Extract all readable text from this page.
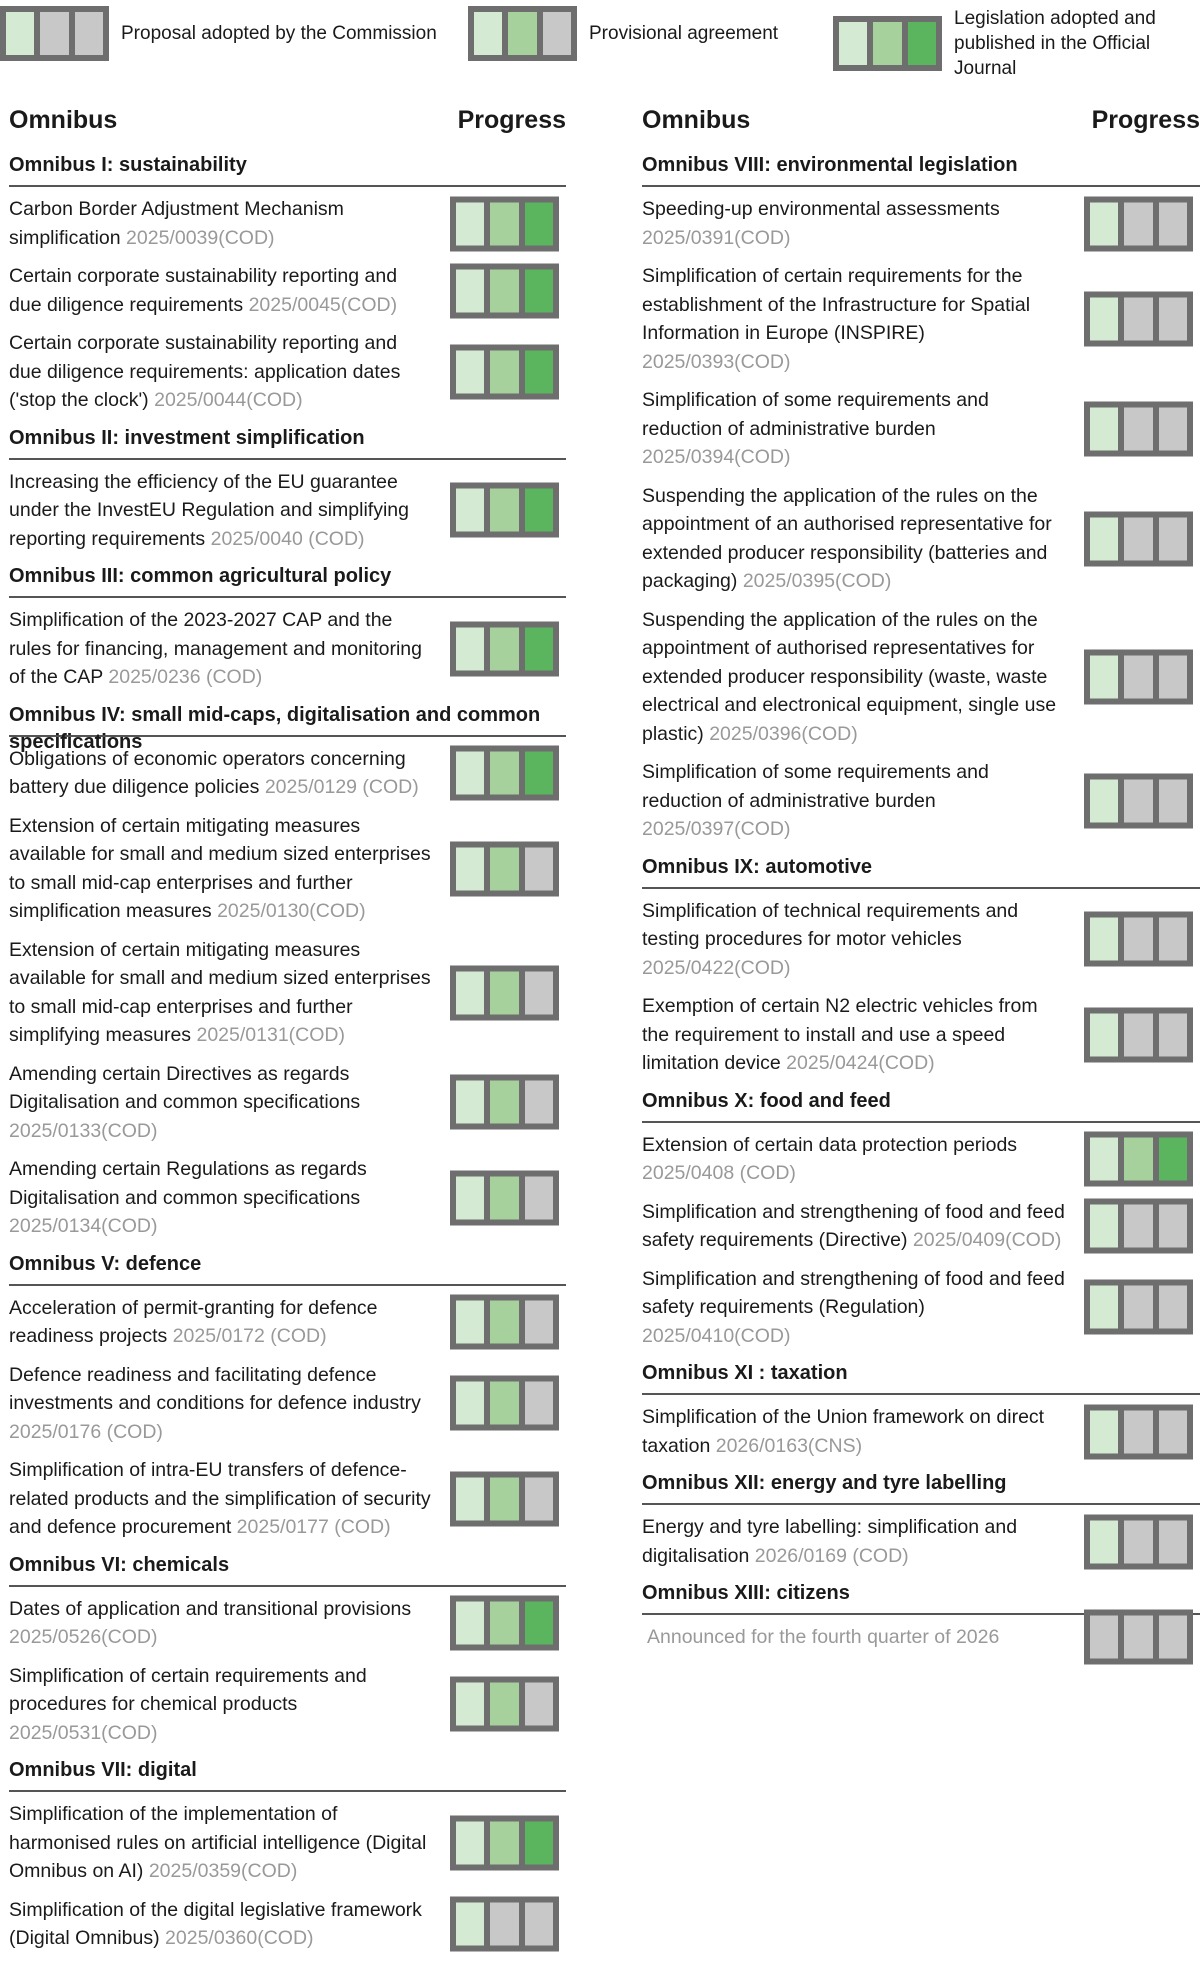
Proposal adopted by the Commission	Provisional agreement
Legislation adopted and published in the Official Journal
Omnibus	Progress
Omnibus I: sustainability
Carbon Border Adjustment Mechanism simplification 2025/0039(COD)
Certain corporate sustainability reporting and due diligence requirements 2025/0045(COD)
Certain corporate sustainability reporting and due diligence requirements: application dates ('stop the clock') 2025/0044(COD)
Omnibus II: investment simplification
Increasing the efficiency of the EU guarantee under the InvestEU Regulation and simplifying reporting requirements 2025/0040 (COD)
Omnibus III: common agricultural policy
Simplification of the 2023-2027 CAP and the rules for financing, management and monitoring of the CAP 2025/0236 (COD)
Omnibus IV: small mid-caps, digitalisation and common specifications
Obligations of economic operators concerning battery due diligence policies 2025/0129 (COD)
Extension of certain mitigating measures available for small and medium sized enterprises to small mid-cap enterprises and further simplification measures 2025/0130(COD)
Extension of certain mitigating measures available for small and medium sized enterprises to small mid-cap enterprises and further simplifying measures 2025/0131(COD)
Amending certain Directives as regards Digitalisation and common specifications 2025/0133(COD)
Amending certain Regulations as regards Digitalisation and common specifications 2025/0134(COD)
Omnibus V: defence
Acceleration of permit-granting for defence readiness projects 2025/0172 (COD)
Defence readiness and facilitating defence investments and conditions for defence industry 2025/0176 (COD)
Simplification of intra-EU transfers of defence-related products and the simplification of security and defence procurement 2025/0177 (COD)
Omnibus VI: chemicals
Dates of application and transitional provisions 2025/0526(COD)
Simplification of certain requirements and procedures for chemical products 2025/0531(COD)
Omnibus VII: digital
Simplification of the implementation of harmonised rules on artificial intelligence (Digital Omnibus on AI) 2025/0359(COD)
Simplification of the digital legislative framework (Digital Omnibus) 2025/0360(COD)
Omnibus	Progress
Omnibus VIII: environmental legislation
Speeding-up environmental assessments 2025/0391(COD)
Simplification of certain requirements for the establishment of the Infrastructure for Spatial Information in Europe (INSPIRE) 2025/0393(COD)
Simplification of some requirements and reduction of administrative burden 2025/0394(COD)
Suspending the application of the rules on the appointment of an authorised representative for extended producer responsibility (batteries and packaging) 2025/0395(COD)
Suspending the application of the rules on the appointment of authorised representatives for extended producer responsibility (waste, waste electrical and electronical equipment, single use plastic) 2025/0396(COD)
Simplification of some requirements and reduction of administrative burden 2025/0397(COD)
Omnibus IX: automotive
Simplification of technical requirements and testing procedures for motor vehicles 2025/0422(COD)
Exemption of certain N2 electric vehicles from the requirement to install and use a speed limitation device 2025/0424(COD)
Omnibus X: food and feed
Extension of certain data protection periods 2025/0408 (COD)
Simplification and strengthening of food and feed safety requirements (Directive) 2025/0409(COD)
Simplification and strengthening of food and feed safety requirements (Regulation) 2025/0410(COD)
Omnibus XI : taxation
Simplification of the Union framework on direct taxation 2026/0163(CNS)
Omnibus XII: energy and tyre labelling
Energy and tyre labelling: simplification and digitalisation 2026/0169 (COD)
Omnibus XIII: citizens
Announced for the fourth quarter of 2026
